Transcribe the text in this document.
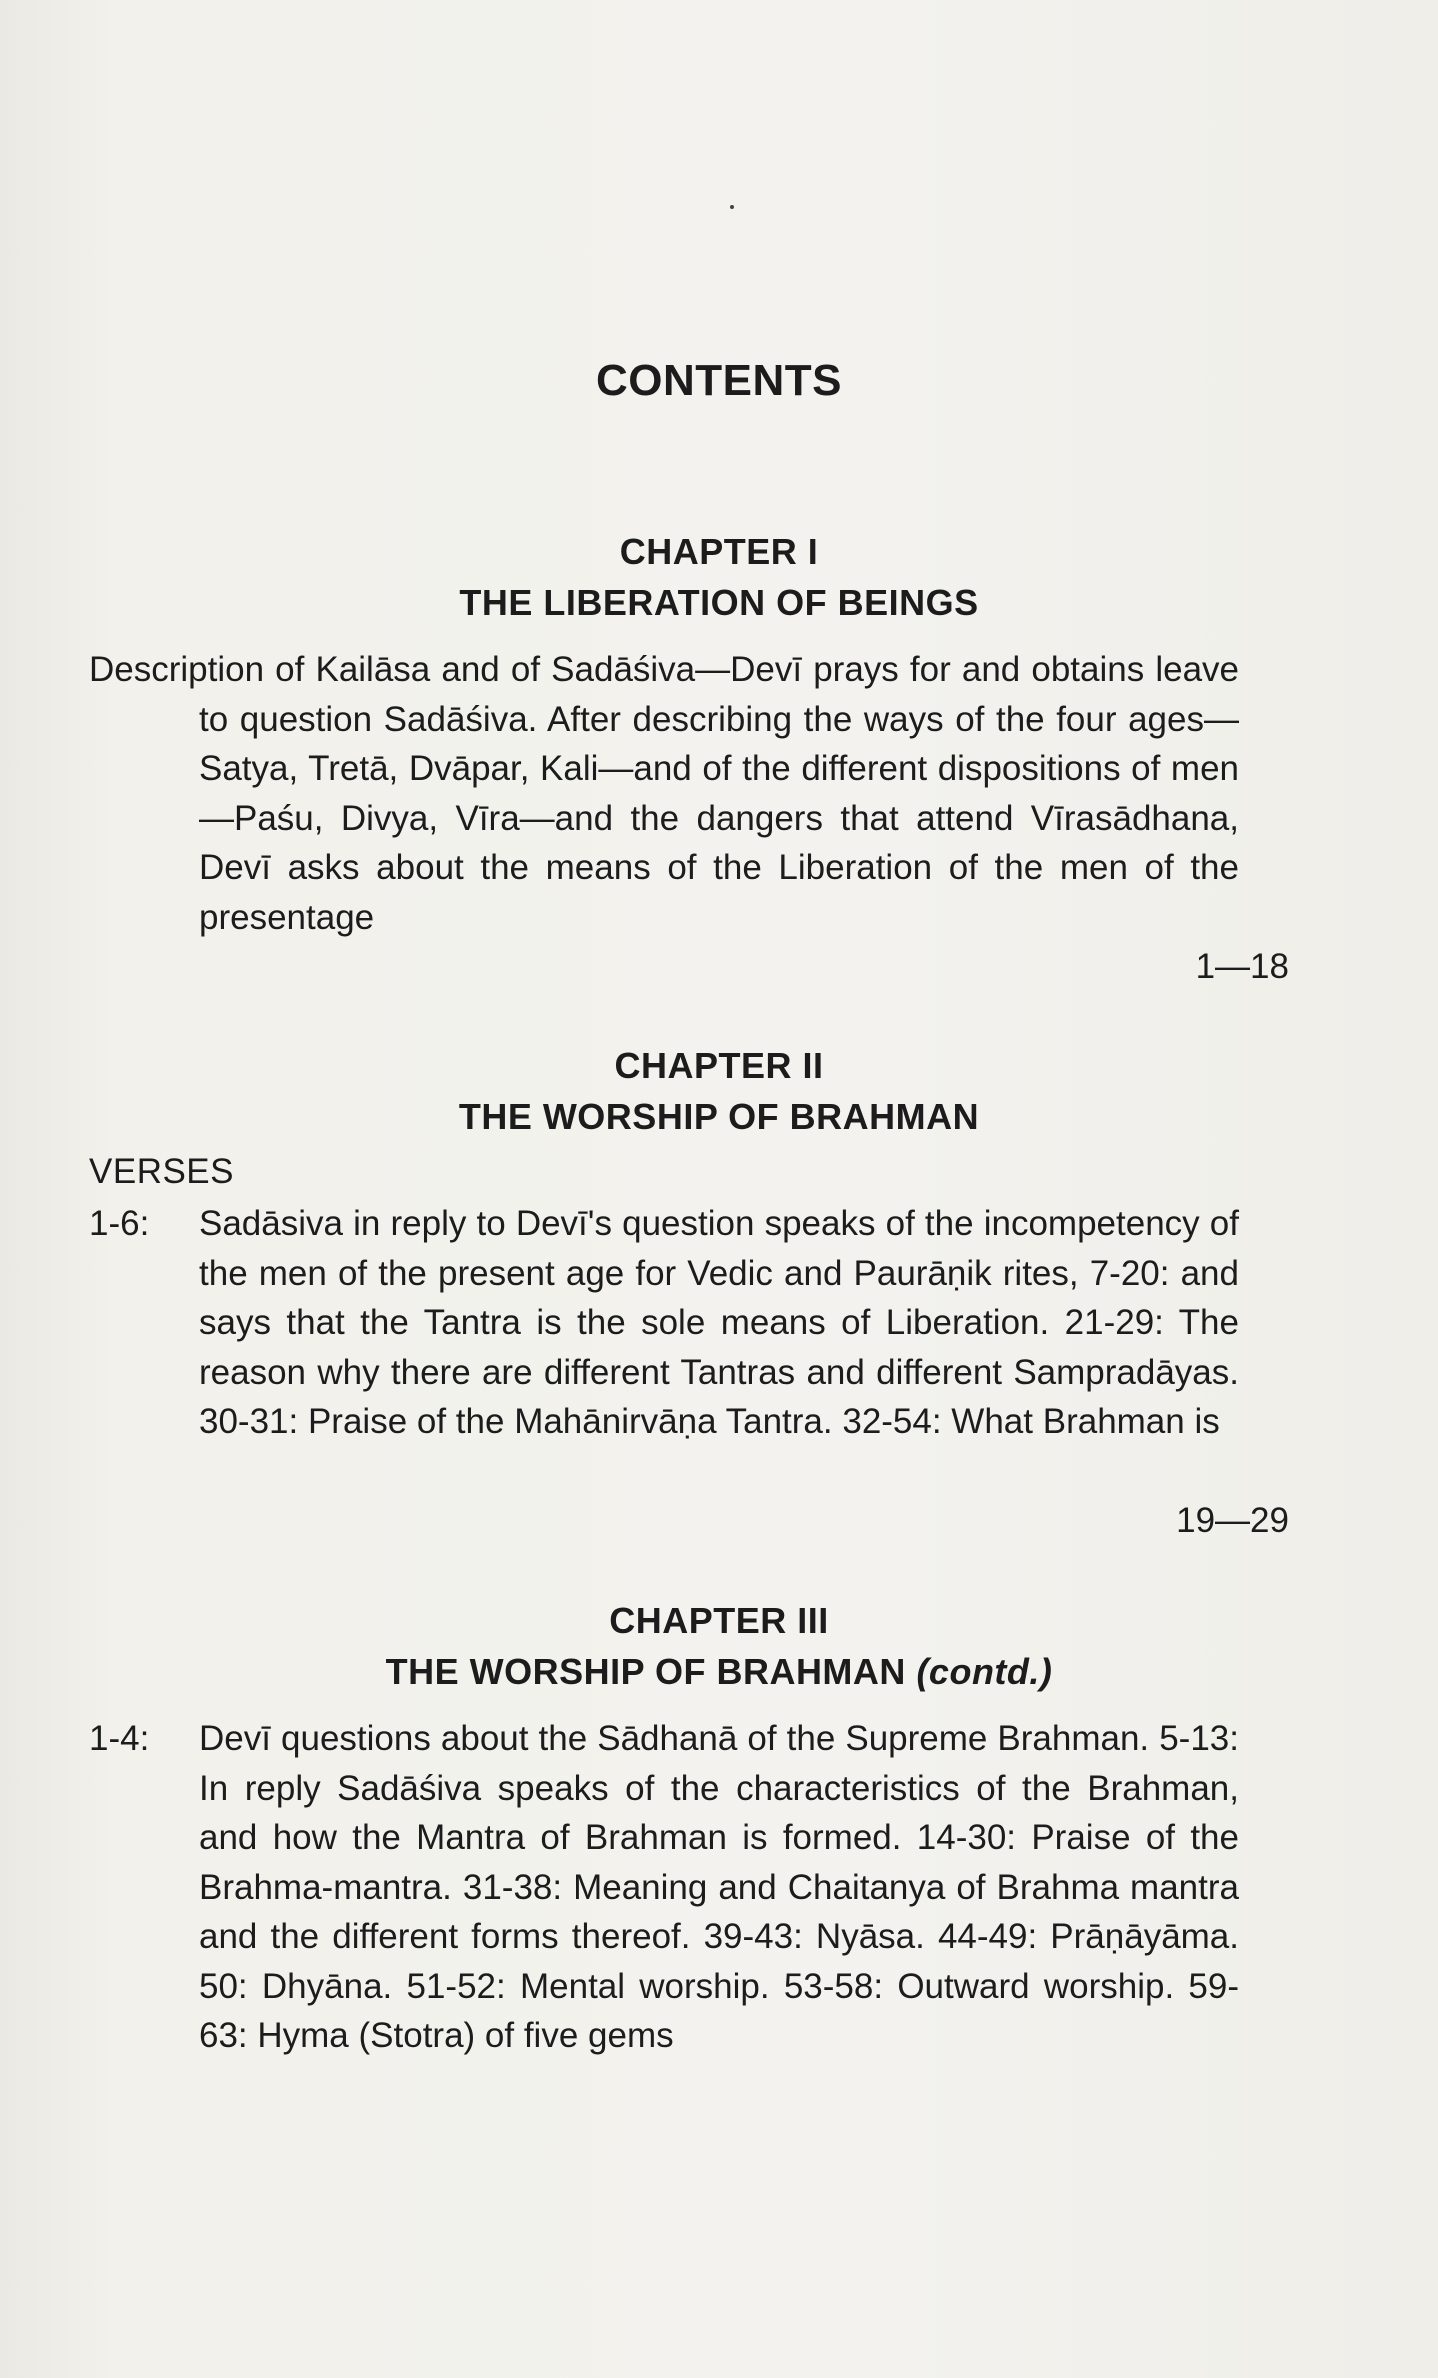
CONTENTS
CHAPTER I
THE LIBERATION OF BEINGS
Description of Kailāsa and of Sadāśiva—Devī prays for and obtains leave to question Sadāśiva. After describing the ways of the four ages—Satya, Tretā, Dvāpar, Kali—and of the different dispositions of men—Paśu, Divya, Vīra—and the dangers that attend Vīrasādhana, Devī asks about the means of the Liberation of the men of the presentage
1—18
CHAPTER II
THE WORSHIP OF BRAHMAN
VERSES
1-6: Sadāsiva in reply to Devī's question speaks of the incompetency of the men of the present age for Vedic and Paurāṇik rites, 7-20: and says that the Tantra is the sole means of Liberation. 21-29: The reason why there are different Tantras and different Sampradāyas. 30-31: Praise of the Mahānirvāṇa Tantra. 32-54: What Brahman is
19—29
CHAPTER III
THE WORSHIP OF BRAHMAN (contd.)
1-4: Devī questions about the Sādhanā of the Supreme Brahman. 5-13: In reply Sadāśiva speaks of the characteristics of the Brahman, and how the Mantra of Brahman is formed. 14-30: Praise of the Brahma-mantra. 31-38: Meaning and Chaitanya of Brahma mantra and the different forms thereof. 39-43: Nyāsa. 44-49: Prāṇāyāma. 50: Dhyāna. 51-52: Mental worship. 53-58: Outward worship. 59-63: Hyma (Stotra) of five gems
